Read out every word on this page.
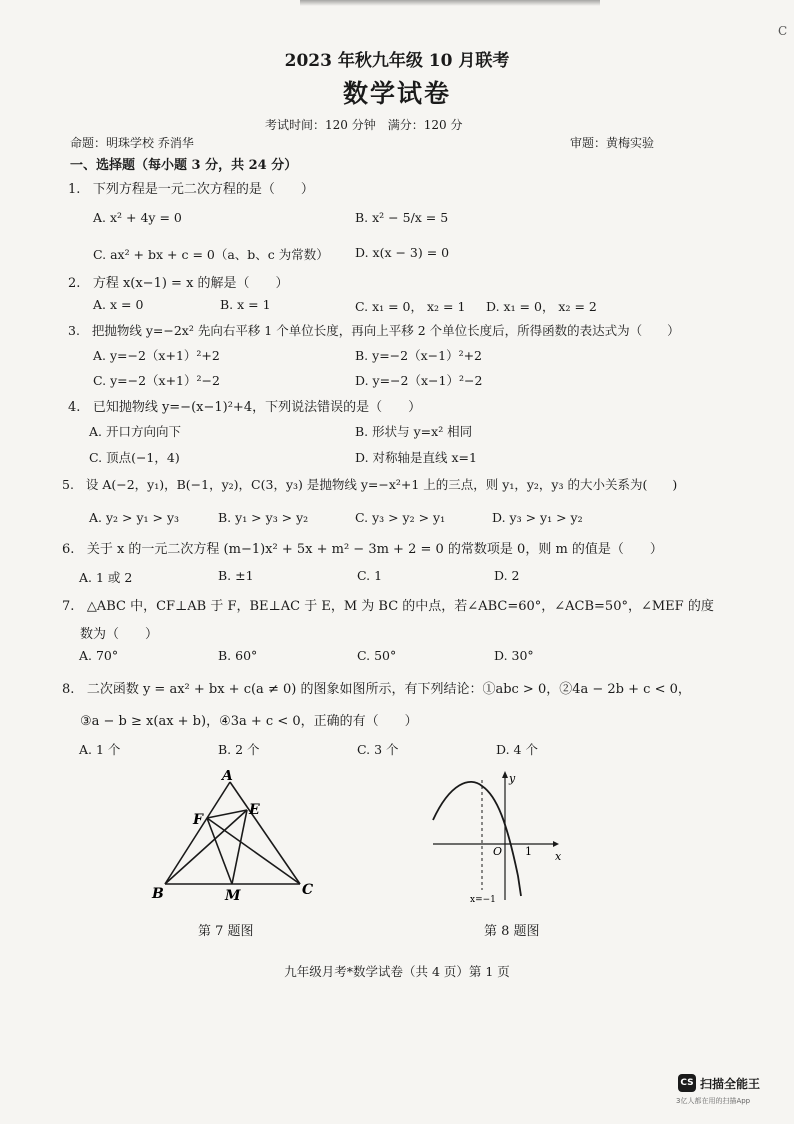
C
2023 年秋九年级 10 月联考
数学试卷
考试时间：120 分钟　满分：120 分
命题：明珠学校 乔消华	审题：黄梅实验
一、选择题（每小题 3 分，共 24 分）
1. 下列方程是一元二次方程的是（　　）
A. x² + 4y = 0	B. x² − 5/x = 5
C. ax² + bx + c = 0（a、b、c 为常数） D. x(x − 3) = 0
2. 方程 x(x−1) = x 的解是（　　）
A. x = 0	B. x = 1	C. x₁ = 0， x₂ = 1 D. x₁ = 0， x₂ = 2
3. 把抛物线 y=−2x² 先向右平移 1 个单位长度，再向上平移 2 个单位长度后，所得函数的表达式为（　　）
A. y=−2（x+1）²+2	B. y=−2（x−1）²+2
C. y=−2（x+1）²−2	D. y=−2（x−1）²−2
4. 已知抛物线 y=−(x−1)²+4，下列说法错误的是（　　）
A. 开口方向向下	B. 形状与 y=x² 相同
C. 顶点(−1，4)	D. 对称轴是直线 x=1
5. 设 A(−2，y₁)，B(−1，y₂)，C(3，y₃) 是抛物线 y=−x²+1 上的三点，则 y₁，y₂，y₃ 的大小关系为(　　)
A. y₂ > y₁ > y₃	B. y₁ > y₃ > y₂	C. y₃ > y₂ > y₁	D. y₃ > y₁ > y₂
6. 关于 x 的一元二次方程 (m−1)x² + 5x + m² − 3m + 2 = 0 的常数项是 0，则 m 的值是（　　）
A. 1 或 2	B. ±1	C. 1	D. 2
7. △ABC 中，CF⊥AB 于 F，BE⊥AC 于 E，M 为 BC 的中点，若∠ABC=60°，∠ACB=50°，∠MEF 的度
数为（　　）
A. 70°	B. 60°	C. 50°	D. 30°
8. 二次函数 y = ax² + bx + c(a ≠ 0) 的图象如图所示，有下列结论：①abc > 0，②4a − 2b + c < 0，
③a − b ≥ x(ax + b)，④3a + c < 0，正确的有（　　）
A. 1 个	B. 2 个	C. 3 个	D. 4 个
A
B	C
E
F
M
第 7 题图
y
x
O 1
x=−1
第 8 题图
九年级月考*数学试卷（共 4 页）第 1 页
CS 扫描全能王
3亿人都在用的扫描App
